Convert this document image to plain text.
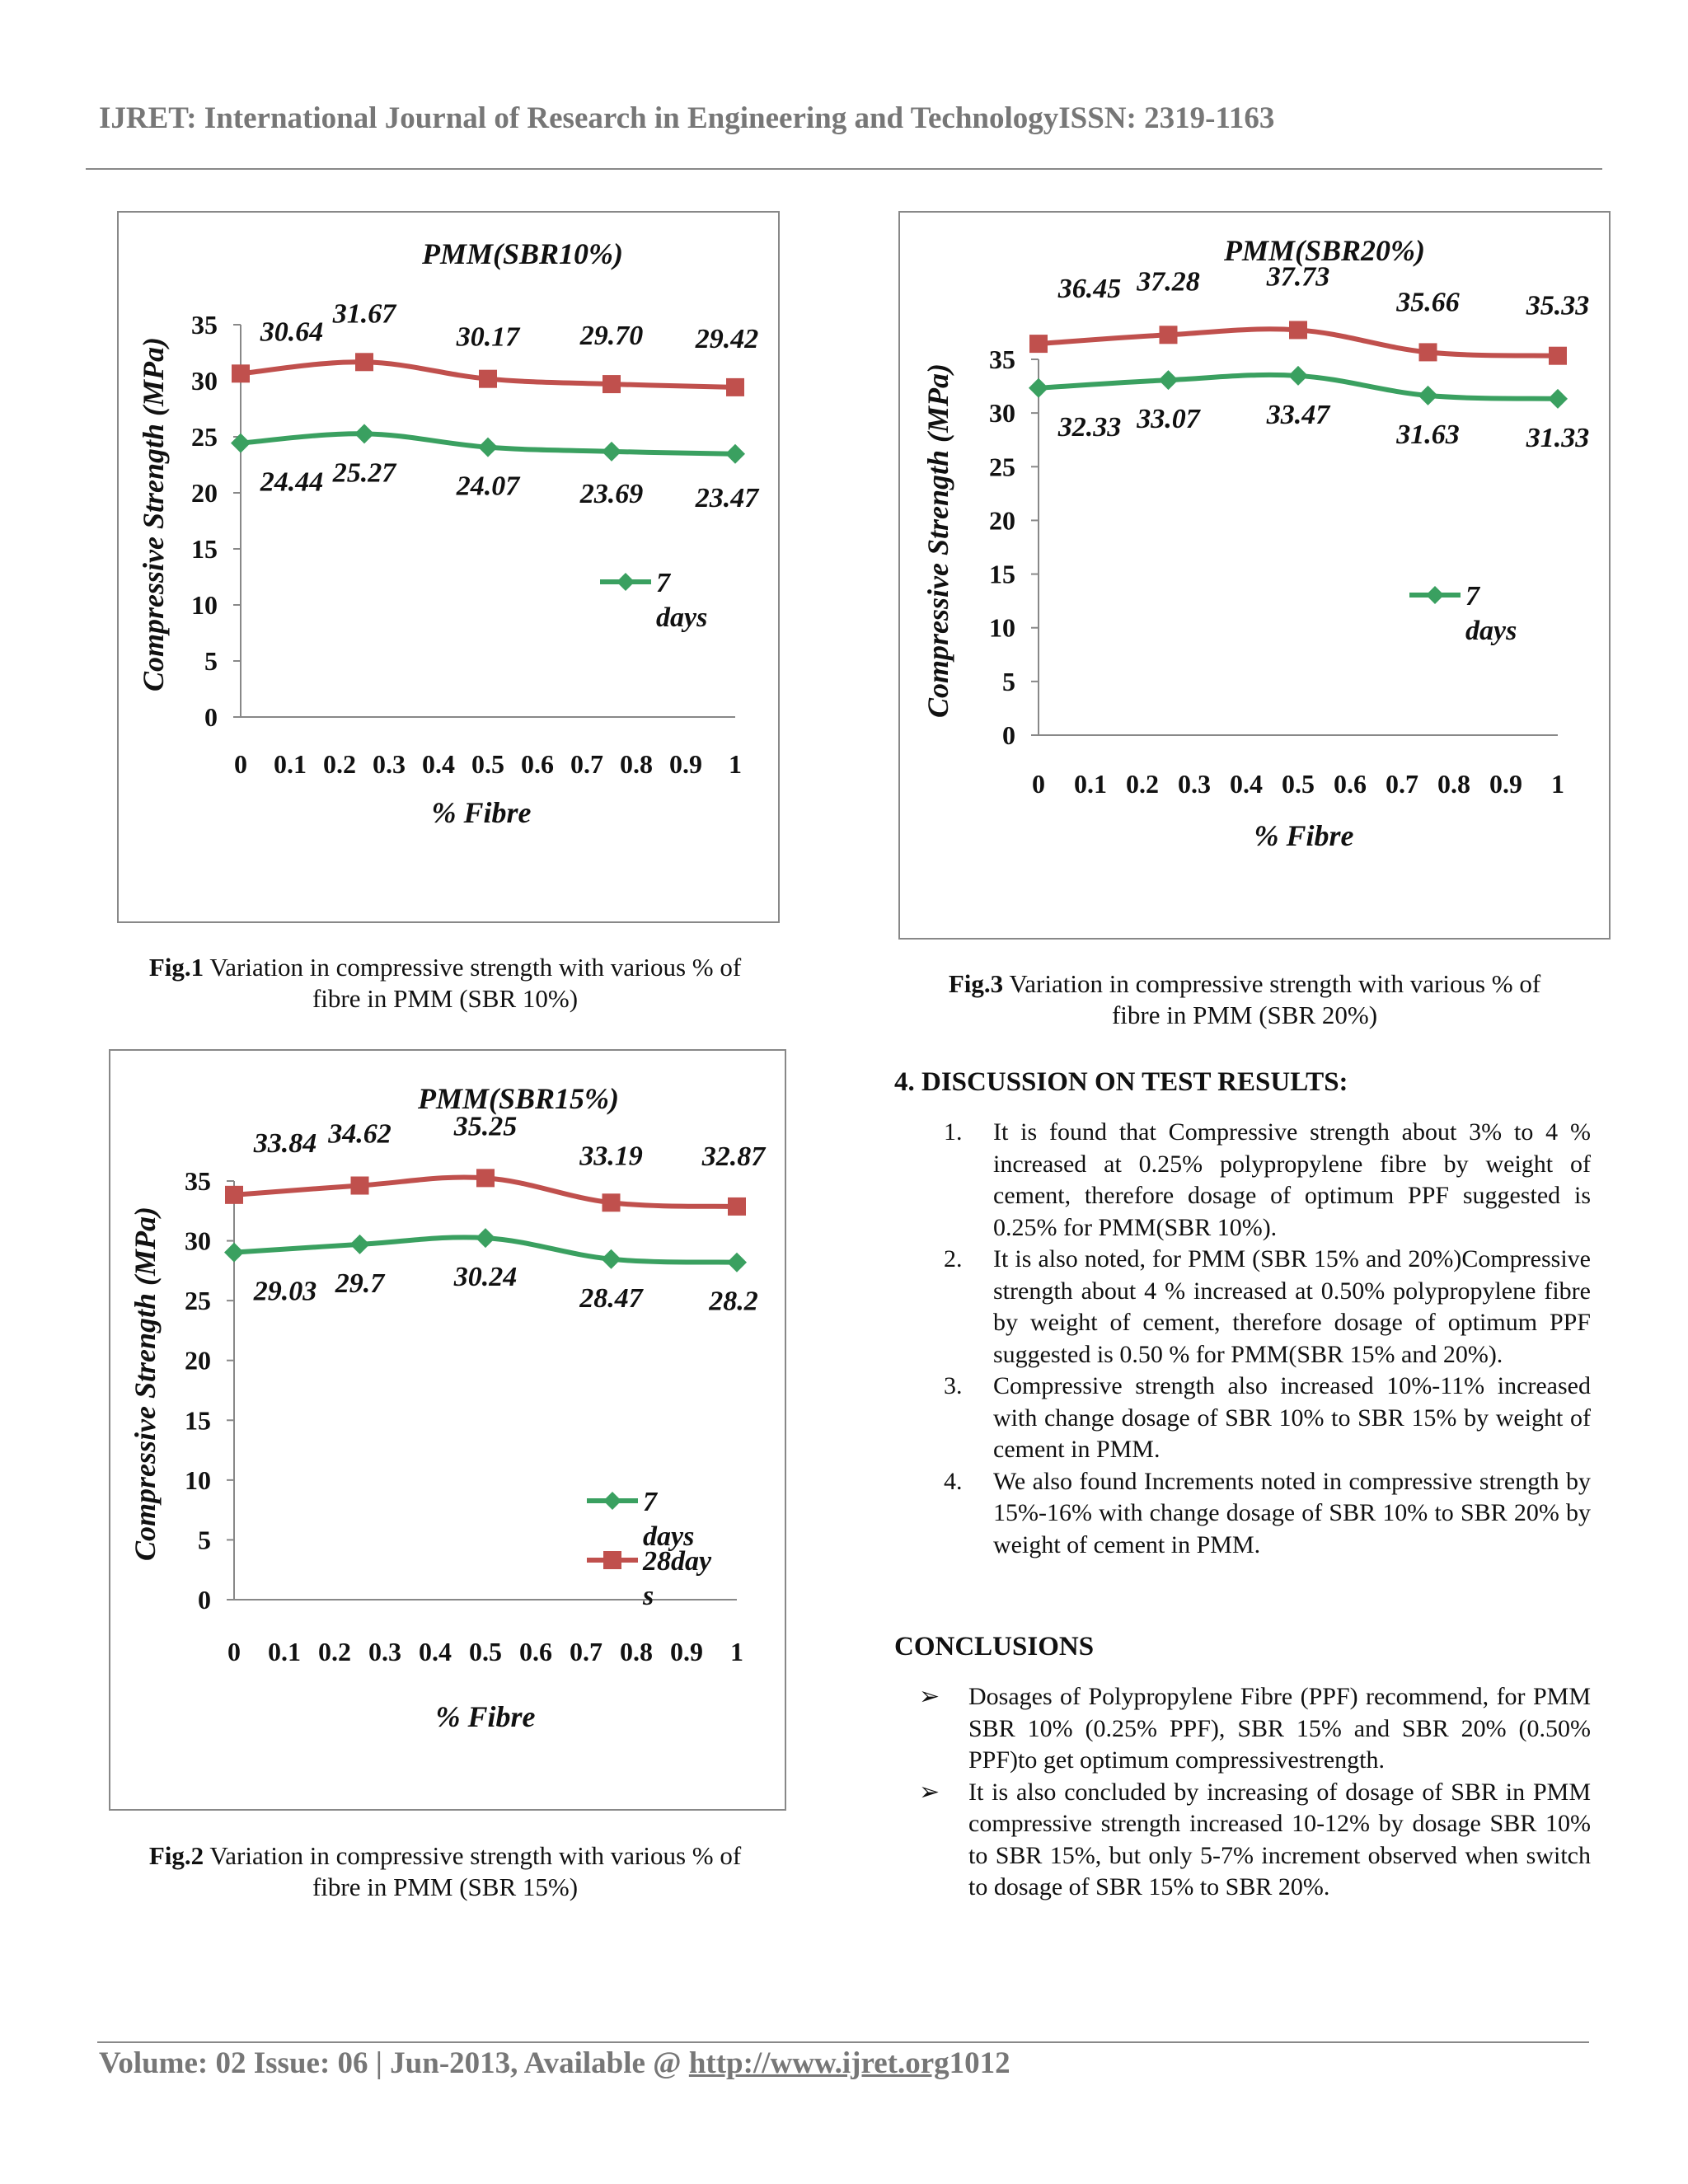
IJRET: International Journal of Research in Engineering and TechnologyISSN: 2319-1163
PMM(SBR10%)
0
5
10
15
20
25
30
35
0 0.1 0.2 0.3 0.4 0.5 0.6 0.7 0.8 0.9 1
% Fibre
Compressive Strength (MPa)	24.44 25.27 24.07 23.69 23.47
7
days
30.64
31.67
30.17 29.70 29.42
Fig.1 Variation in compressive strength with various % of
fibre in PMM (SBR 10%)
PMM(SBR15%)
0
5
10
15
20
25
30
35
0 0.1 0.2 0.3 0.4 0.5 0.6 0.7 0.8 0.9 1
% Fibre
Compressive Strength (MPa)	29.03 29.7 30.24
28.47 28.2
7
days
33.84 34.62 35.25
33.19 32.87
28day
s
Fig.2 Variation in compressive strength with various % of
fibre in PMM (SBR 15%)
PMM(SBR20%)
0
5
10
15
20
25
30
35
0 0.1 0.2 0.3 0.4 0.5 0.6 0.7 0.8 0.9 1
% Fibre
Compressive Strength (MPa)	32.33 33.07 33.47
31.63 31.33
7
days
36.45 37.28 37.73
35.66 35.33
Fig.3 Variation in compressive strength with various % of
fibre in PMM (SBR 20%)
4. DISCUSSION ON TEST RESULTS:
1.	It is found that Compressive strength about 3% to 4 % increased at 0.25% polypropylene fibre by weight of cement, therefore dosage of optimum PPF suggested is 0.25% for PMM(SBR 10%).
2.	It is also noted, for PMM (SBR 15% and 20%)Compressive strength about 4 % increased at 0.50% polypropylene fibre by weight of cement, therefore dosage of optimum PPF suggested is 0.50 % for PMM(SBR 15% and 20%).
3.	Compressive strength also increased 10%-11% increased with change dosage of SBR 10% to SBR 15% by weight of cement in PMM.
4.	We also found Increments noted in compressive strength by 15%-16% with change dosage of SBR 10% to SBR 20% by weight of cement in PMM.
CONCLUSIONS
➢	Dosages of Polypropylene Fibre (PPF) recommend, for PMM SBR 10% (0.25% PPF), SBR 15% and SBR 20% (0.50% PPF)to get optimum compressivestrength.
➢	It is also concluded by increasing of dosage of SBR in PMM compressive strength increased 10-12% by dosage SBR 10% to SBR 15%, but only 5-7% increment observed when switch to dosage of SBR 15% to SBR 20%.
Volume: 02 Issue: 06 | Jun-2013, Available @ http://www.ijret.org1012
